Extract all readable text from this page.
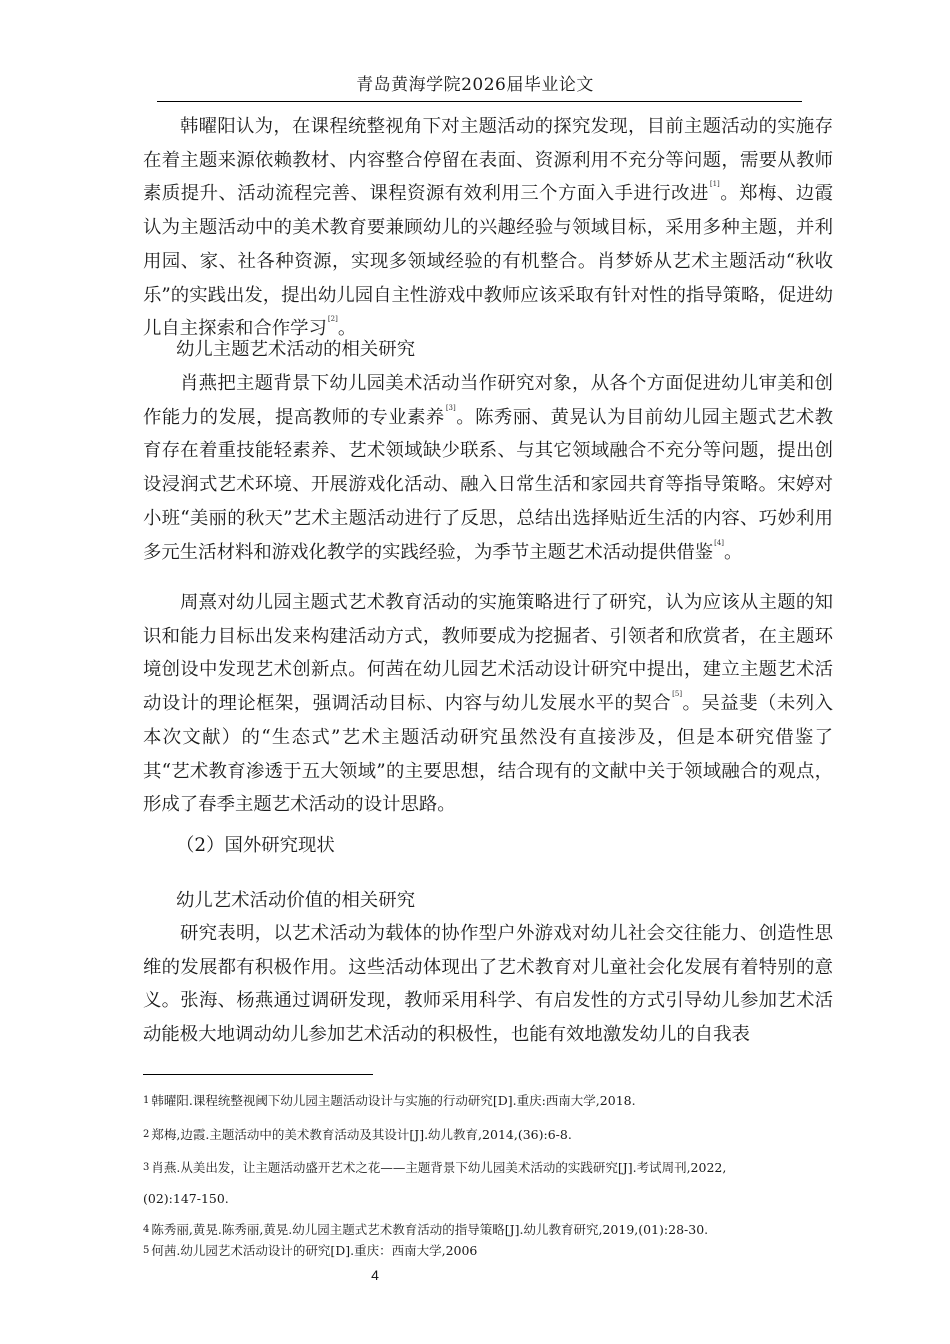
青岛黄海学院2026届毕业论文

韩曜阳认为，在课程统整视角下对主题活动的探究发现，目前主题活动的实施存在着主题来源依赖教材、内容整合停留在表面、资源利用不充分等问题，需要从教师素质提升、活动流程完善、课程资源有效利用三个方面入手进行改进[1]。郑梅、边霞认为主题活动中的美术教育要兼顾幼儿的兴趣经验与领域目标，采用多种主题，并利用园、家、社各种资源，实现多领域经验的有机整合。肖梦娇从艺术主题活动“秋收乐”的实践出发，提出幼儿园自主性游戏中教师应该采取有针对性的指导策略，促进幼儿自主探索和合作学习[2]。

幼儿主题艺术活动的相关研究

肖燕把主题背景下幼儿园美术活动当作研究对象，从各个方面促进幼儿审美和创作能力的发展，提高教师的专业素养[3]。陈秀丽、黄晃认为目前幼儿园主题式艺术教育存在着重技能轻素养、艺术领域缺少联系、与其它领域融合不充分等问题，提出创设浸润式艺术环境、开展游戏化活动、融入日常生活和家园共育等指导策略。宋婷对小班“美丽的秋天”艺术主题活动进行了反思，总结出选择贴近生活的内容、巧妙利用多元生活材料和游戏化教学的实践经验，为季节主题艺术活动提供借鉴[4]。

周熹对幼儿园主题式艺术教育活动的实施策略进行了研究，认为应该从主题的知识和能力目标出发来构建活动方式，教师要成为挖掘者、引领者和欣赏者，在主题环境创设中发现艺术创新点。何茜在幼儿园艺术活动设计研究中提出，建立主题艺术活动设计的理论框架，强调活动目标、内容与幼儿发展水平的契合[5]。吴益斐（未列入本次文献）的“生态式”艺术主题活动研究虽然没有直接涉及，但是本研究借鉴了其“艺术教育渗透于五大领域”的主要思想，结合现有的文献中关于领域融合的观点，形成了春季主题艺术活动的设计思路。

（2）国外研究现状

幼儿艺术活动价值的相关研究

研究表明，以艺术活动为载体的协作型户外游戏对幼儿社会交往能力、创造性思维的发展都有积极作用。这些活动体现出了艺术教育对儿童社会化发展有着特别的意义。张海、杨燕通过调研发现，教师采用科学、有启发性的方式引导幼儿参加艺术活动能极大地调动幼儿参加艺术活动的积极性，也能有效地激发幼儿的自我表

1 韩曜阳.课程统整视阈下幼儿园主题活动设计与实施的行动研究[D].重庆:西南大学,2018.
2 郑梅,边霞.主题活动中的美术教育活动及其设计[J].幼儿教育,2014,(36):6-8.
3 肖燕.从美出发，让主题活动盛开艺术之花——主题背景下幼儿园美术活动的实践研究[J].考试周刊,2022,
(02):147-150.
4 陈秀丽,黄晃.陈秀丽,黄晃.幼儿园主题式艺术教育活动的指导策略[J].幼儿教育研究,2019,(01):28-30.
5 何茜.幼儿园艺术活动设计的研究[D].重庆：西南大学,2006
4
